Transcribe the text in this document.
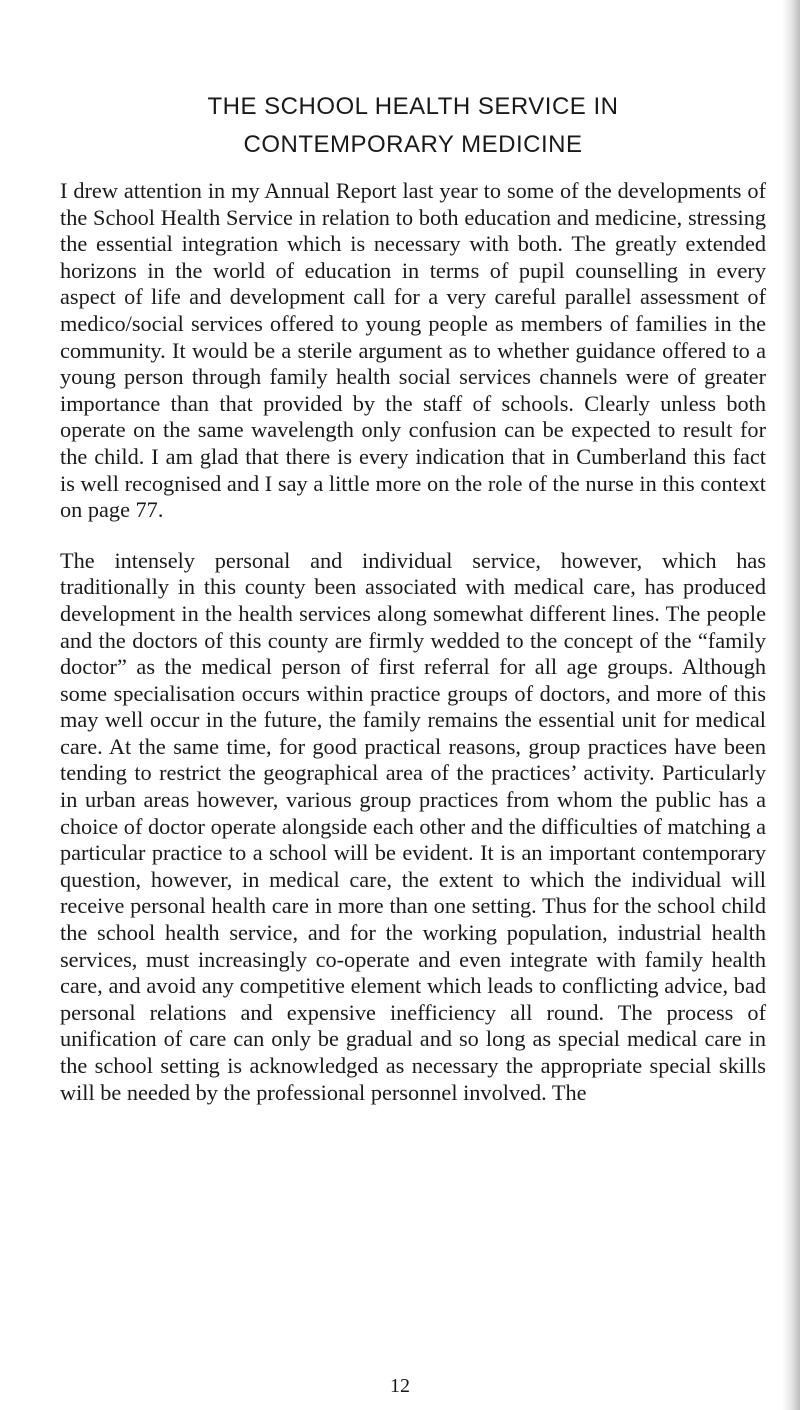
THE SCHOOL HEALTH SERVICE IN
CONTEMPORARY MEDICINE

I drew attention in my Annual Report last year to some of the developments of the School Health Service in relation to both education and medicine, stressing the essential integration which is necessary with both. The greatly extended horizons in the world of education in terms of pupil counselling in every aspect of life and development call for a very careful parallel assessment of medico/social services offered to young people as members of families in the community. It would be a sterile argument as to whether guidance offered to a young person through family health social services channels were of greater importance than that provided by the staff of schools. Clearly unless both operate on the same wavelength only confusion can be expected to result for the child. I am glad that there is every indication that in Cumberland this fact is well recognised and I say a little more on the role of the nurse in this context on page 77.

The intensely personal and individual service, however, which has traditionally in this county been associated with medical care, has produced development in the health services along somewhat different lines. The people and the doctors of this county are firmly wedded to the concept of the “family doctor” as the medical person of first referral for all age groups. Although some specialisation occurs within practice groups of doctors, and more of this may well occur in the future, the family remains the essential unit for medical care. At the same time, for good practical reasons, group practices have been tending to restrict the geographical area of the practices’ activity. Particularly in urban areas however, various group practices from whom the public has a choice of doctor operate alongside each other and the difficulties of matching a particular practice to a school will be evident. It is an important contemporary question, however, in medical care, the extent to which the individual will receive personal health care in more than one setting. Thus for the school child the school health service, and for the working population, industrial health services, must increasingly co-operate and even integrate with family health care, and avoid any competitive element which leads to conflicting advice, bad personal relations and expensive inefficiency all round. The process of unification of care can only be gradual and so long as special medical care in the school setting is acknowledged as necessary the appropriate special skills will be needed by the professional personnel involved. The

12
